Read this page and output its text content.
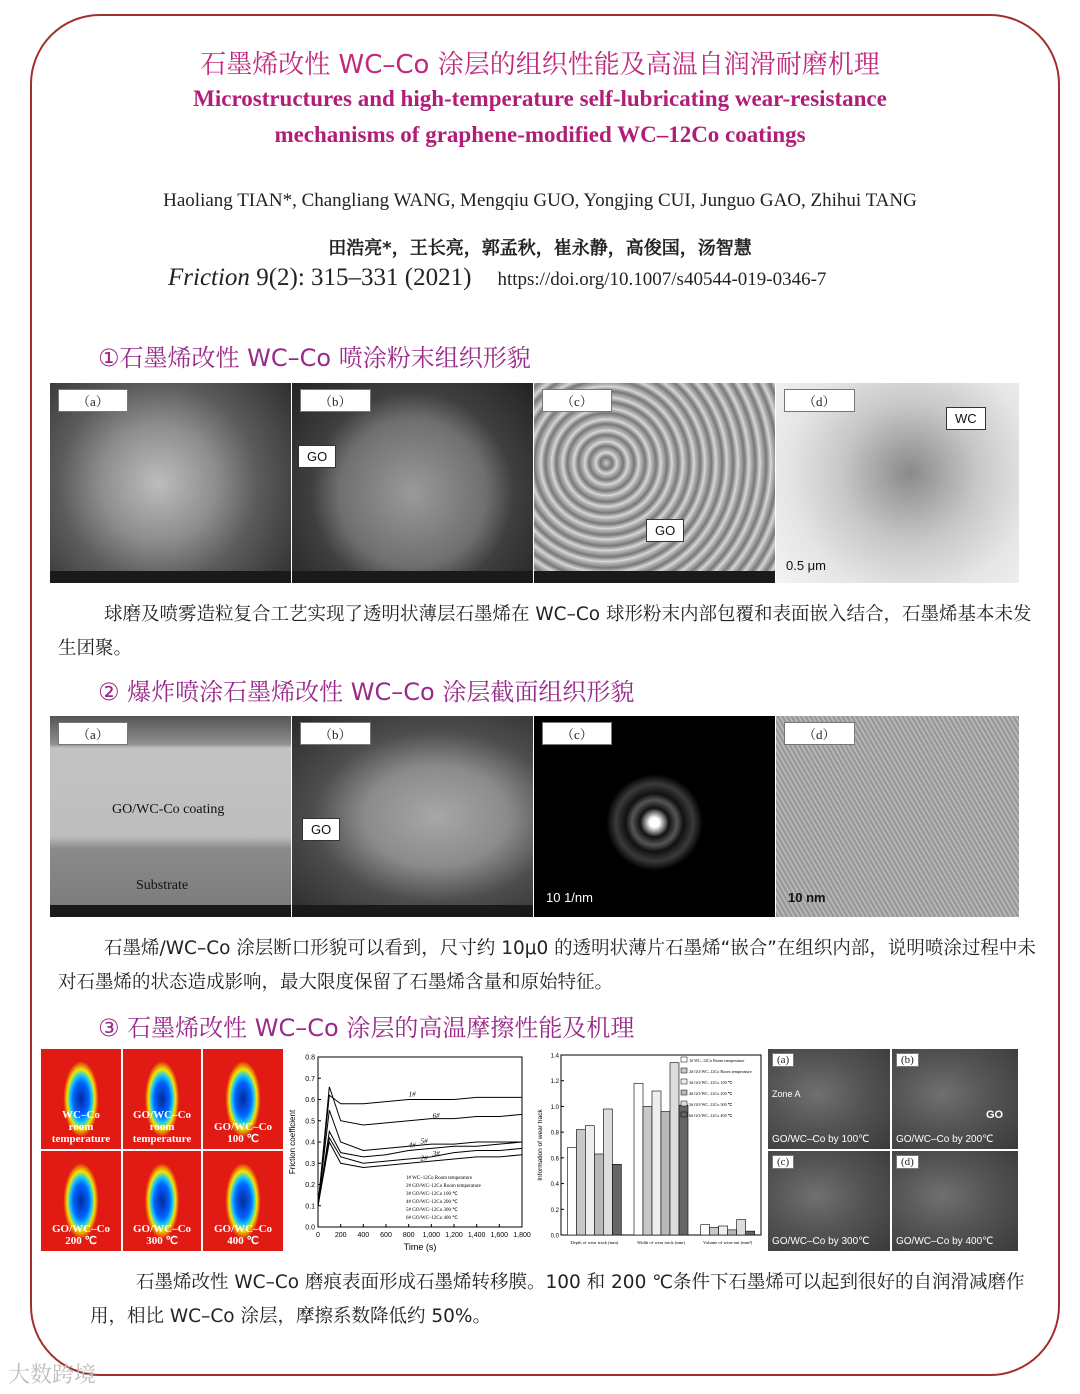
石墨烯改性 WC–Co 涂层的组织性能及高温自润滑耐磨机理
Microstructures and high-temperature self-lubricating wear-resistance
mechanisms of graphene-modified WC–12Co coatings
Haoliang TIAN*, Changliang WANG, Mengqiu GUO, Yongjing CUI, Junguo GAO, Zhihui TANG
田浩亮*，王长亮，郭孟秋，崔永静，高俊国，汤智慧
Friction 9(2): 315–331 (2021) https://doi.org/10.1007/s40544-019-0346-7
①石墨烯改性 WC–Co 喷涂粉末组织形貌
（a）	（b）
GO
（c）
GO
（d）
WC
0.5 μm
球磨及喷雾造粒复合工艺实现了透明状薄层石墨烯在 WC–Co 球形粉末内部包覆和表面嵌入结合，石墨烯基本未发生团聚。
② 爆炸喷涂石墨烯改性 WC–Co 涂层截面组织形貌
（a）
GO/WC-Co coating
Substrate
（b）
GO
（c）
10 1/nm
（d）
10 nm
石墨烯/WC–Co 涂层断口形貌可以看到，尺寸约 10μ0 的透明状薄片石墨烯“嵌合”在组织内部，说明喷涂过程中未对石墨烯的状态造成影响，最大限度保留了石墨烯含量和原始特征。
③ 石墨烯改性 WC–Co 涂层的高温摩擦性能及机理
WC–Co
room temperature
GO/WC–Co
room temperature
GO/WC–Co
100 ℃
GO/WC–Co
200 ℃
GO/WC–Co
300 ℃
GO/WC–Co
400 ℃	0 200 400 600 800 1,000 1,200 1,400 1,600 1,800
0.0
0.1
0.2
0.3
0.4
0.5
0.6
0.7
0.8
Time (s)
Friction coefficient
1#
2#
3#
4#
5#
6#
1# WC–12Co Room temperature
2# GO/WC–12Co Room temperature
3# GO/WC–12Co 100 ℃
4# GO/WC–12Co 200 ℃
5# GO/WC–12Co 300 ℃
6# GO/WC–12Co 400 ℃
0.0
0.2
0.4
0.6
0.8
1.0
1.2
1.4
Information of wear track
Depth of wear track (mm)	Width of wear track (mm)	Volume of wear-out (mm³)
1# WC–12Co Room temperature
2# GO/WC–12Co Room temperature
3# GO/WC–12Co 100 ℃
4# GO/WC–12Co 200 ℃
5# GO/WC–12Co 300 ℃
6# GO/WC–12Co 400 ℃
(a)
Zone A
GO/WC–Co by 100℃
(b)
GO
GO/WC–Co by 200℃
(c)
GO/WC–Co by 300℃
(d)
GO/WC–Co by 400℃
石墨烯改性 WC–Co 磨痕表面形成石墨烯转移膜。100 和 200 ℃条件下石墨烯可以起到很好的自润滑减磨作用，相比 WC–Co 涂层，摩擦系数降低约 50%。
大数跨境
